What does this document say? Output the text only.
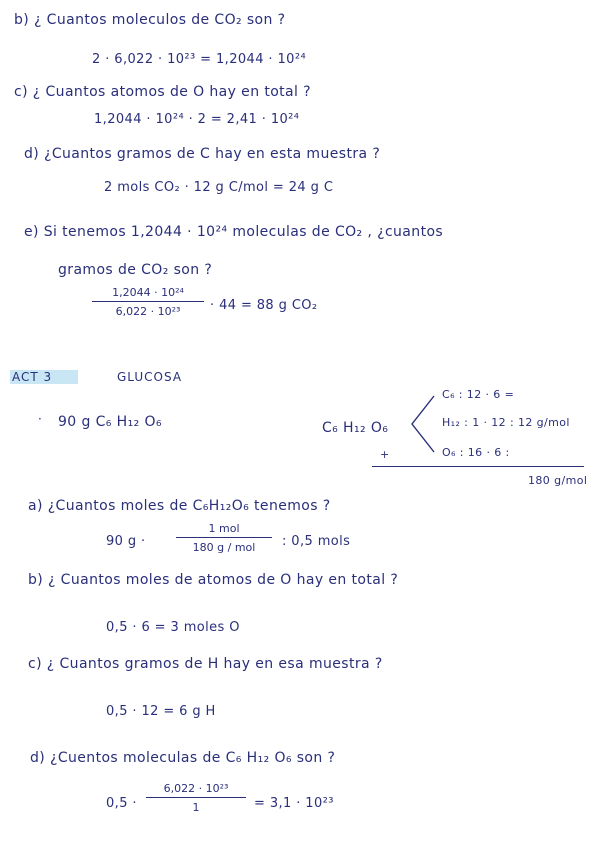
b) ¿ Cuantos moleculos de CO₂ son ?
2 · 6,022 · 10²³ = 1,2044 · 10²⁴
c) ¿ Cuantos atomos de O hay en total ?
1,2044 · 10²⁴ · 2 = 2,41 · 10²⁴
d) ¿Cuantos gramos de C hay en esta muestra ?
2 mols CO₂ · 12 g C/mol = 24 g C
e) Si tenemos 1,2044 · 10²⁴ moleculas de CO₂ , ¿cuantos
gramos de CO₂ son ?
$\frac{\text{1,2044 · 10²⁴}}{\text{6,022 · 10²³}} \cdot 44 = 88$ g CO₂
ACT 3	GLUCOSA
· 90 g C₆ H₁₂ O₆	C₆ H₁₂ O₆
C₆ : 12 · 6 =
H₁₂ : 1 · 12 : 12 g/mol
+	O₆ : 16 · 6 :
180 g/mol
a) ¿Cuantos moles de C₆H₁₂O₆ tenemos ?
90 g ·
1 mol
180 g / mol	: 0,5 mols
b) ¿ Cuantos moles de atomos de O hay en total ?
0,5 · 6 = 3 moles O
c) ¿ Cuantos gramos de H hay en esa muestra ?
0,5 · 12 = 6 g H
d) ¿Cuentos moleculas de C₆ H₁₂ O₆ son ?
$0,5 \cdot \frac{\text{6,022 · 10²³}}{1} = 3,1 \cdot 10^{23}$
